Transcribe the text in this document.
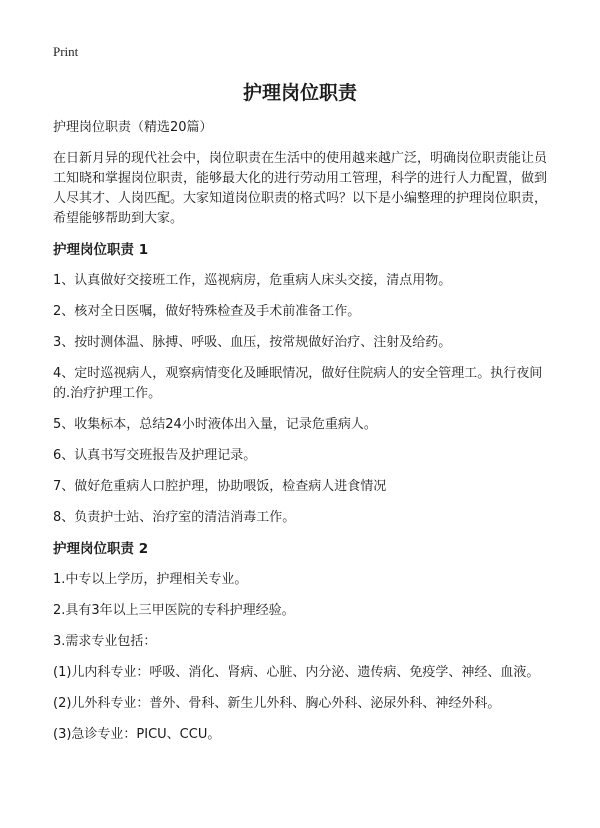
Print
护理岗位职责

护理岗位职责（精选20篇）

在日新月异的现代社会中，岗位职责在生活中的使用越来越广泛，明确岗位职责能让员工知晓和掌握岗位职责，能够最大化的进行劳动用工管理，科学的进行人力配置，做到人尽其才、人岗匹配。大家知道岗位职责的格式吗？以下是小编整理的护理岗位职责，希望能够帮助到大家。

护理岗位职责 1

1、认真做好交接班工作，巡视病房，危重病人床头交接，清点用物。

2、核对全日医嘱，做好特殊检查及手术前准备工作。

3、按时测体温、脉搏、呼吸、血压，按常规做好治疗、注射及给药。

4、定时巡视病人，观察病情变化及睡眠情况，做好住院病人的安全管理工。执行夜间的.治疗护理工作。

5、收集标本，总结24小时液体出入量，记录危重病人。

6、认真书写交班报告及护理记录。

7、做好危重病人口腔护理，协助喂饭，检查病人进食情况

8、负责护士站、治疗室的清洁消毒工作。

护理岗位职责 2

1.中专以上学历，护理相关专业。

2.具有3年以上三甲医院的专科护理经验。

3.需求专业包括：

(1)儿内科专业：呼吸、消化、肾病、心脏、内分泌、遗传病、免疫学、神经、血液。

(2)儿外科专业：普外、骨科、新生儿外科、胸心外科、泌尿外科、神经外科。

(3)急诊专业：PICU、CCU。
